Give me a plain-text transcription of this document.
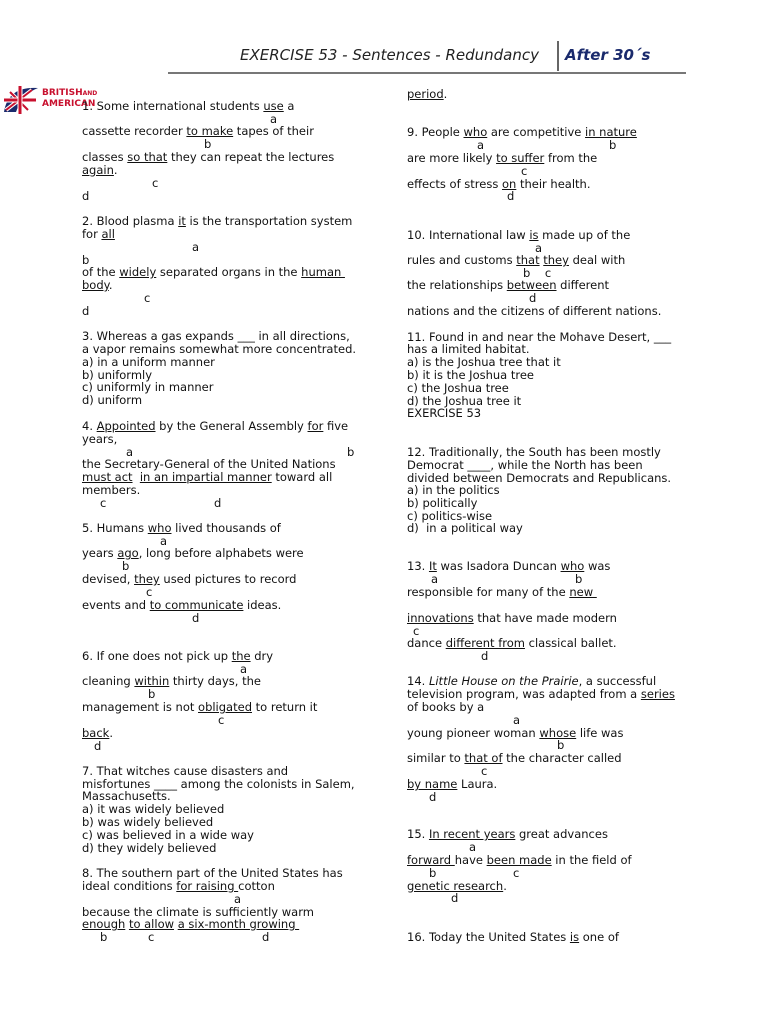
EXERCISE 53 - Sentences - Redundancy After 30´s
BRITISHAND
AMERICAN
1. Some international students use a
a
cassette recorder to make tapes of their
b
classes so that they can repeat the lectures
again.
c
d
2. Blood plasma it is the transportation system
for all
a
b
of the widely separated organs in the human
body.
c
d
3. Whereas a gas expands ___ in all directions,
a vapor remains somewhat more concentrated.
a) in a uniform manner
b) uniformly
c) uniformly in manner
d) uniform
4. Appointed by the General Assembly for five
years,
a	b
the Secretary-General of the United Nations
must act in an impartial manner toward all
members.
c	d
5. Humans who lived thousands of
a
years ago, long before alphabets were
b
devised, they used pictures to record
c
events and to communicate ideas.
d
6. If one does not pick up the dry
a
cleaning within thirty days, the
b
management is not obligated to return it
c
back.
d
7. That witches cause disasters and
misfortunes ____ among the colonists in Salem,
Massachusetts.
a) it was widely believed
b) was widely believed
c) was believed in a wide way
d) they widely believed
8. The southern part of the United States has
ideal conditions for raising cotton
a
because the climate is sufficiently warm
enough to allow a six-month growing
b	c	d
period.
9. People who are competitive in nature
a	b
are more likely to suffer from the
c
effects of stress on their health.
d
10. International law is made up of the
a
rules and customs that they deal with
b    c
the relationships between different
d
nations and the citizens of different nations.
11. Found in and near the Mohave Desert, ___
has a limited habitat.
a) is the Joshua tree that it
b) it is the Joshua tree
c) the Joshua tree
d) the Joshua tree it
EXERCISE 53
12. Traditionally, the South has been mostly
Democrat ____, while the North has been
divided between Democrats and Republicans.
a) in the politics
b) politically
c) politics-wise
d)  in a political way
13. It was Isadora Duncan who was
a	b
responsible for many of the new
innovations that have made modern
c
dance different from classical ballet.
d
14. Little House on the Prairie, a successful
television program, was adapted from a series
of books by a
a
young pioneer woman whose life was
b
similar to that of the character called
c
by name Laura.
d
15. In recent years great advances
a
forward have been made in the field of
b	c
genetic research.
d
16. Today the United States is one of
